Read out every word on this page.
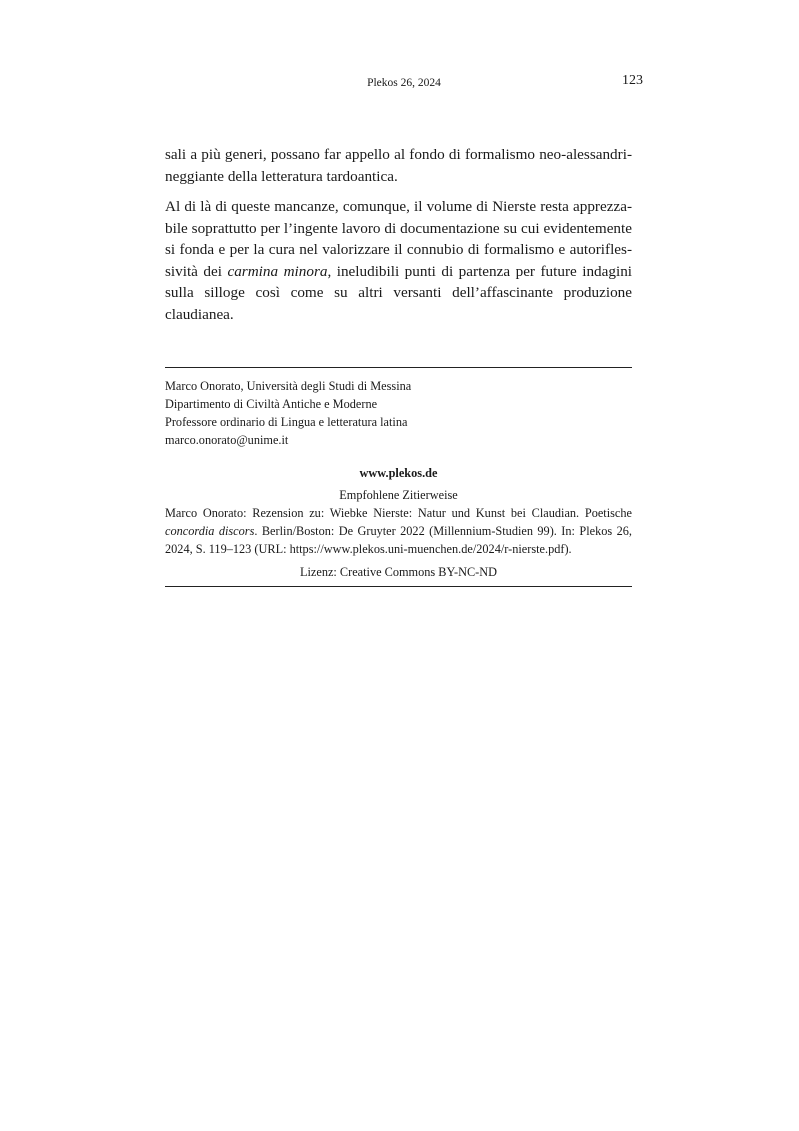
Plekos 26, 2024	123

sali a più generi, possano far appello al fondo di formalismo neo-alessandrineggiante della letteratura tardoantica.

Al di là di queste mancanze, comunque, il volume di Nierste resta apprezzabile soprattutto per l’ingente lavoro di documentazione su cui evidentemente si fonda e per la cura nel valorizzare il connubio di formalismo e autoriflessività dei carmina minora, ineludibili punti di partenza per future indagini sulla silloge così come su altri versanti dell’affascinante produzione claudianea.

Marco Onorato, Università degli Studi di Messina
Dipartimento di Civiltà Antiche e Moderne
Professore ordinario di Lingua e letteratura latina
marco.onorato@unime.it
www.plekos.de
Empfohlene Zitierweise
Marco Onorato: Rezension zu: Wiebke Nierste: Natur und Kunst bei Claudian. Poetische concordia discors. Berlin/Boston: De Gruyter 2022 (Millennium-Studien 99). In: Plekos 26, 2024, S. 119–123 (URL: https://www.plekos.uni-muenchen.de/2024/r-nierste.pdf).
Lizenz: Creative Commons BY-NC-ND
